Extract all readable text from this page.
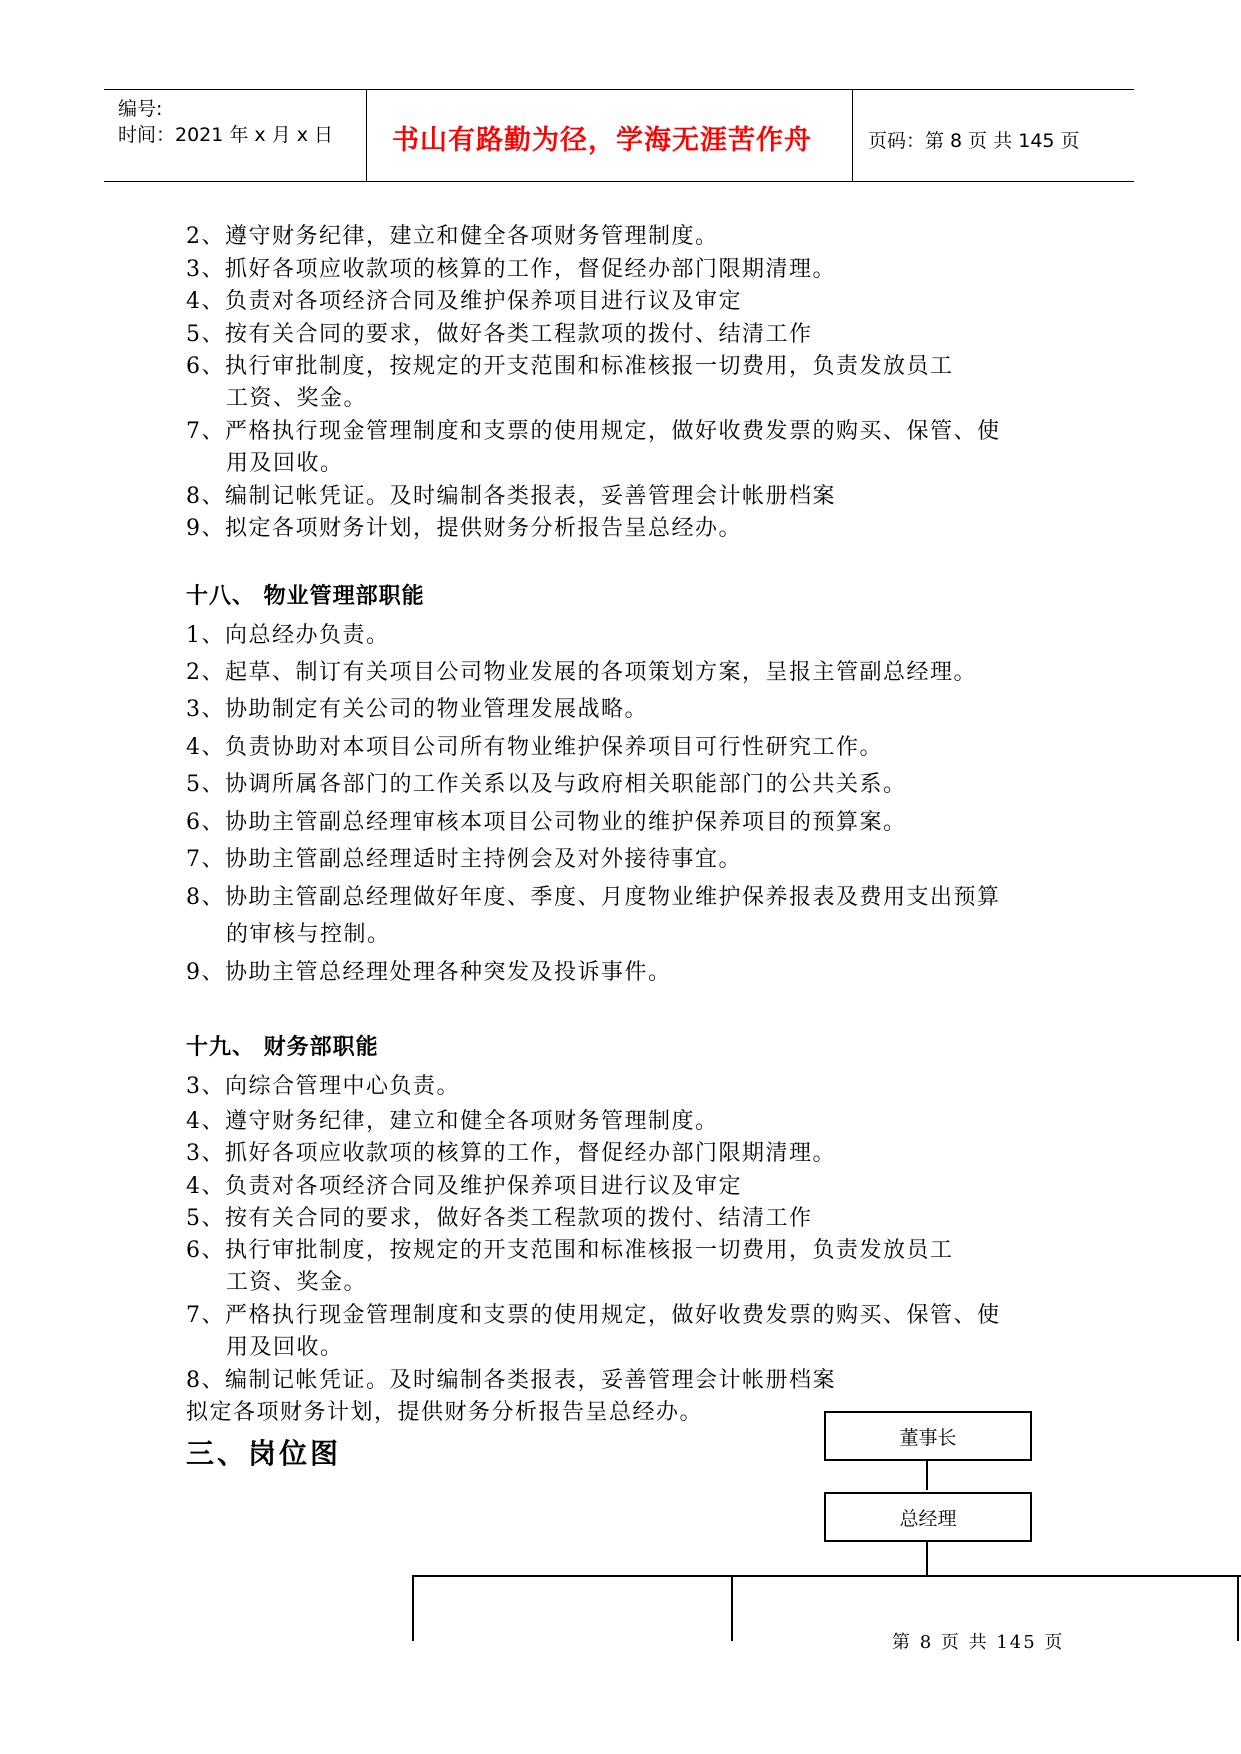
编号:
时间：2021 年 x 月 x 日 书山有路勤为径，学海无涯苦作舟	页码：第 8 页 共 145 页
2、遵守财务纪律，建立和健全各项财务管理制度。
3、抓好各项应收款项的核算的工作，督促经办部门限期清理。
4、负责对各项经济合同及维护保养项目进行议及审定
5、按有关合同的要求，做好各类工程款项的拨付、结清工作
6、执行审批制度，按规定的开支范围和标准核报一切费用，负责发放员工
工资、奖金。
7、严格执行现金管理制度和支票的使用规定，做好收费发票的购买、保管、使
用及回收。
8、编制记帐凭证。及时编制各类报表，妥善管理会计帐册档案
9、拟定各项财务计划，提供财务分析报告呈总经办。
十八、 物业管理部职能
1、向总经办负责。
2、起草、制订有关项目公司物业发展的各项策划方案，呈报主管副总经理。
3、协助制定有关公司的物业管理发展战略。
4、负责协助对本项目公司所有物业维护保养项目可行性研究工作。
5、协调所属各部门的工作关系以及与政府相关职能部门的公共关系。
6、协助主管副总经理审核本项目公司物业的维护保养项目的预算案。
7、协助主管副总经理适时主持例会及对外接待事宜。
8、协助主管副总经理做好年度、季度、月度物业维护保养报表及费用支出预算
的审核与控制。
9、协助主管总经理处理各种突发及投诉事件。
十九、 财务部职能
3、向综合管理中心负责。
4、遵守财务纪律，建立和健全各项财务管理制度。
3、抓好各项应收款项的核算的工作，督促经办部门限期清理。
4、负责对各项经济合同及维护保养项目进行议及审定
5、按有关合同的要求，做好各类工程款项的拨付、结清工作
6、执行审批制度，按规定的开支范围和标准核报一切费用，负责发放员工
工资、奖金。
7、严格执行现金管理制度和支票的使用规定，做好收费发票的购买、保管、使
用及回收。
8、编制记帐凭证。及时编制各类报表，妥善管理会计帐册档案
拟定各项财务计划，提供财务分析报告呈总经办。
三、岗位图	董事长
总经理
第 8 页 共 145 页
